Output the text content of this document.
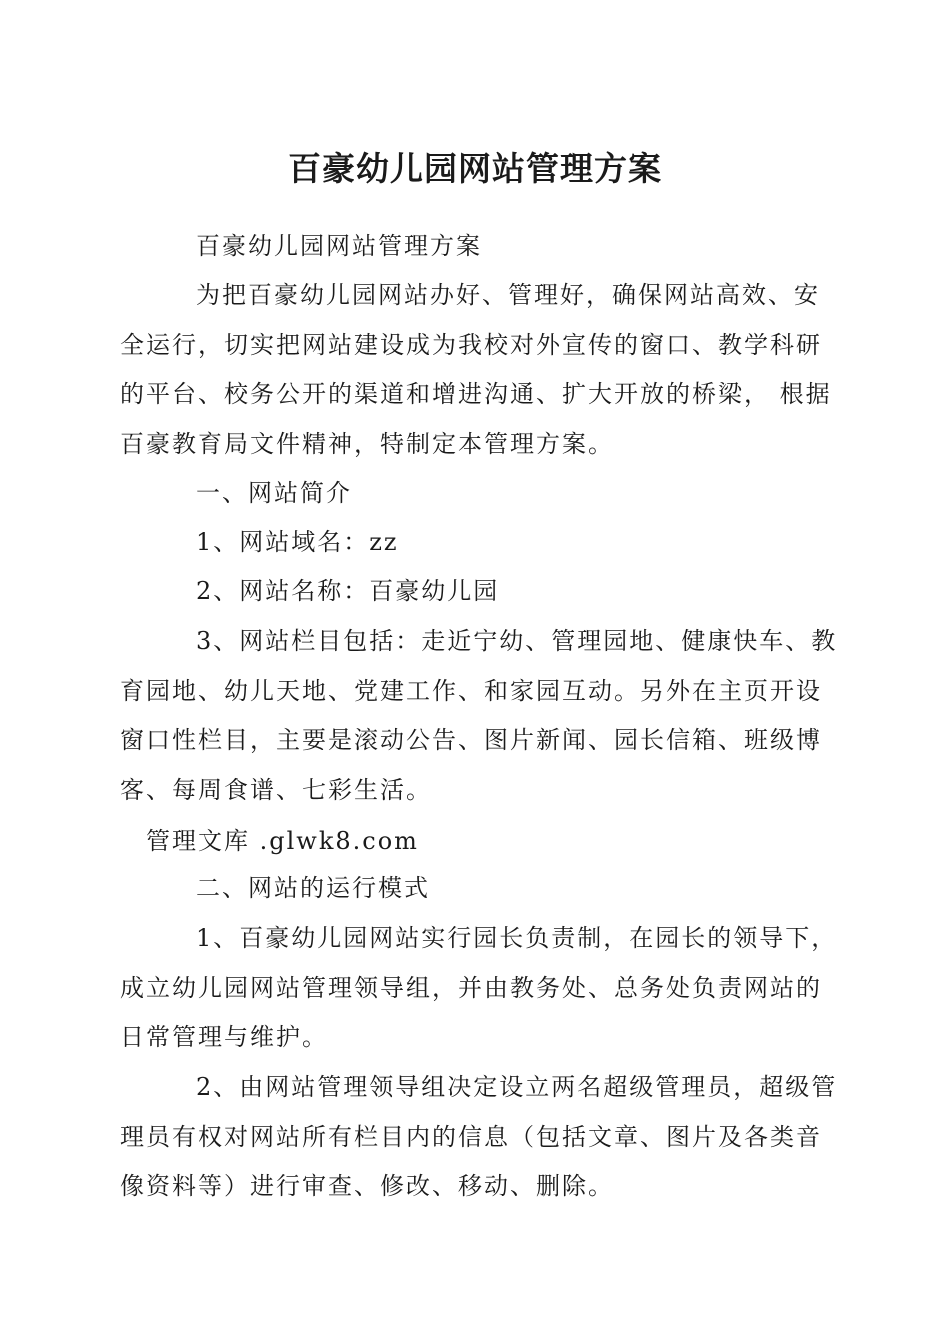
百豪幼儿园网站管理方案

百豪幼儿园网站管理方案

为把百豪幼儿园网站办好、管理好，确保网站高效、安全运行，切实把网站建设成为我校对外宣传的窗口、教学科研的平台、校务公开的渠道和增进沟通、扩大开放的桥梁， 根据百豪教育局文件精神，特制定本管理方案。

一、网站简介

1、网站域名：zz

2、网站名称：百豪幼儿园

3、网站栏目包括：走近宁幼、管理园地、健康快车、教育园地、幼儿天地、党建工作、和家园互动。另外在主页开设窗口性栏目，主要是滚动公告、图片新闻、园长信箱、班级博客、每周食谱、七彩生活。

管理文库 .glwk8.com

二、网站的运行模式

1、百豪幼儿园网站实行园长负责制，在园长的领导下，成立幼儿园网站管理领导组，并由教务处、总务处负责网站的日常管理与维护。

2、由网站管理领导组决定设立两名超级管理员，超级管理员有权对网站所有栏目内的信息（包括文章、图片及各类音像资料等）进行审查、修改、移动、删除。
